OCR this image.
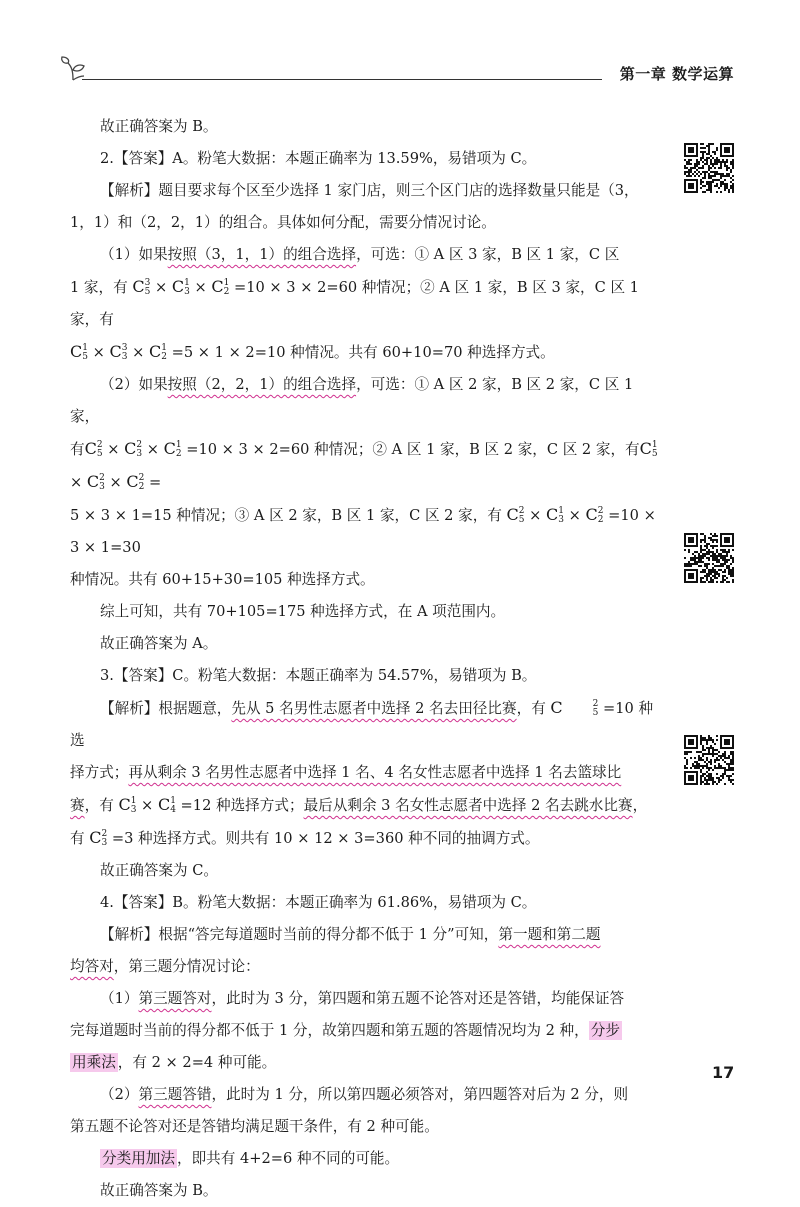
第一章 数学运算

故正确答案为 B。

2.【答案】A。粉笔大数据：本题正确率为 13.59%，易错项为 C。

【解析】题目要求每个区至少选择 1 家门店，则三个区门店的选择数量只能是（3，

1，1）和（2，2，1）的组合。具体如何分配，需要分情况讨论。

（1）如果按照（3，1，1）的组合选择，可选：① A 区 3 家，B 区 1 家，C 区

1 家，有 C 3
5 × C 1
3 × C 1
2 =10 × 3 × 2=60 种情况；② A 区 1 家，B 区 3 家，C 区 1 家，有

C 1
5 × C 3
3 × C 1
2 =5 × 1 × 2=10 种情况。共有 60+10=70 种选择方式。

（2）如果按照（2，2，1）的组合选择，可选：① A 区 2 家，B 区 2 家，C 区 1 家，

有C 2
5 × C 2
3 × C 1
2 =10 × 3 × 2=60 种情况；② A 区 1 家，B 区 2 家，C 区 2 家，有C 1
5
× C 2
3 × C 2
2 =

5 × 3 × 1=15 种情况；③ A 区 2 家，B 区 1 家，C 区 2 家，有 C 2
5 × C 1
3 × C 2
2 =10 × 3 × 1=30

种情况。共有 60+15+30=105 种选择方式。

综上可知，共有 70+105=175 种选择方式，在 A 项范围内。

故正确答案为 A。

3.【答案】C。粉笔大数据：本题正确率为 54.57%，易错项为 B。

【解析】根据题意，先从 5 名男性志愿者中选择 2 名去田径比赛，有 C	2
5 =10 种选

择方式；再从剩余 3 名男性志愿者中选择 1 名、4 名女性志愿者中选择 1 名去篮球比

赛，有 C 1
3 × C 1
4 =12 种选择方式；最后从剩余 3 名女性志愿者中选择 2 名去跳水比赛，

有 C 2
3 =3 种选择方式。则共有 10 × 12 × 3=360 种不同的抽调方式。

故正确答案为 C。

4.【答案】B。粉笔大数据：本题正确率为 61.86%，易错项为 C。

【解析】根据“答完每道题时当前的得分都不低于 1 分”可知，第一题和第二题

均答对，第三题分情况讨论：

（1）第三题答对，此时为 3 分，第四题和第五题不论答对还是答错，均能保证答

完每道题时当前的得分都不低于 1 分，故第四题和第五题的答题情况均为 2 种， 分步

用乘法 ，有 2 × 2=4 种可能。

（2）第三题答错，此时为 1 分，所以第四题必须答对，第四题答对后为 2 分，则

第五题不论答对还是答错均满足题干条件，有 2 种可能。

分类用加法 ，即共有 4+2=6 种不同的可能。

故正确答案为 B。

17
